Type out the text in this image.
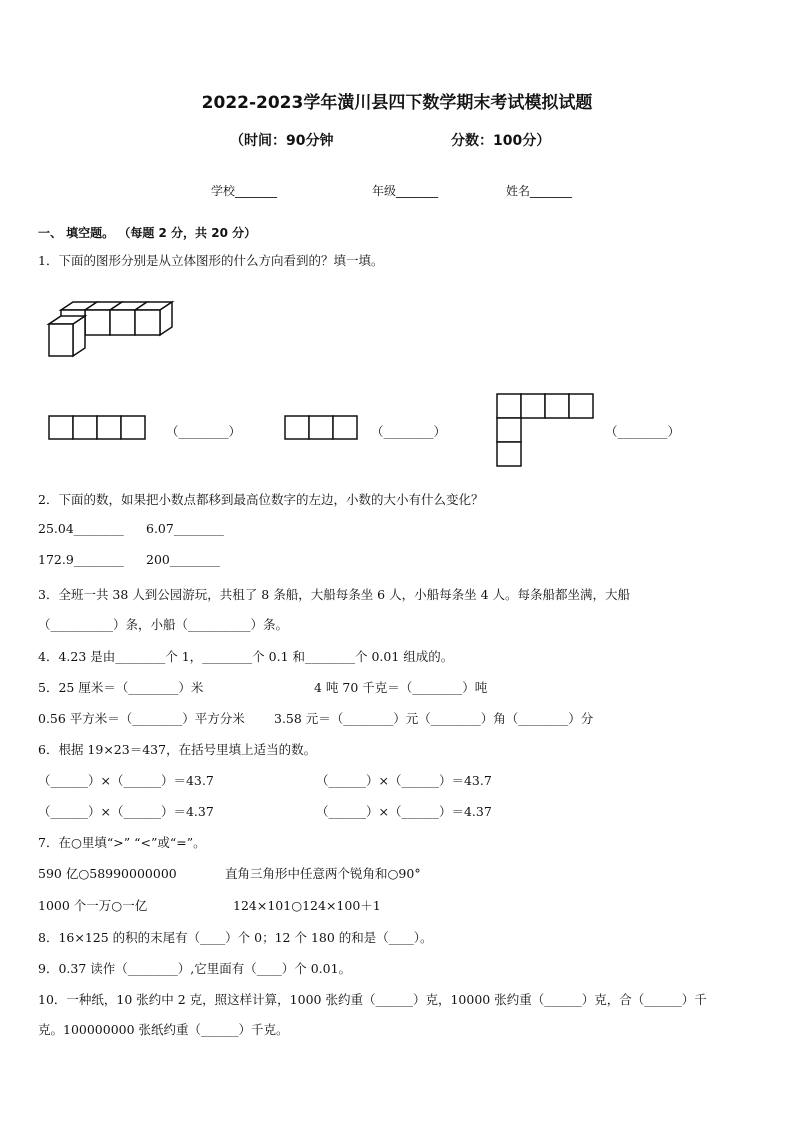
2022-2023学年潢川县四下数学期末考试模拟试题
（时间：90分钟	分数：100分）
学校_______	年级_______	姓名_______
一、 填空题。 （每题 2 分，共 20 分）
1．下面的图形分别是从立体图形的什么方向看到的？填一填。
（________）	（________）	（________）
2．下面的数，如果把小数点都移到最高位数字的左边，小数的大小有什么变化？
25.04________ 6.07________
172.9________ 200________
3．全班一共 38 人到公园游玩，共租了 8 条船，大船每条坐 6 人，小船每条坐 4 人。每条船都坐满，大船
（__________）条，小船（__________）条。
4．4.23 是由________个 1，________个 0.1 和________个 0.01 组成的。
5．25 厘米＝（________）米	4 吨 70 千克＝（________）吨
0.56 平方米＝（________）平方分米 3.58 元＝（________）元（________）角（________）分
6．根据 19×23＝437，在括号里填上适当的数。
（______）×（______）＝43.7	（______）×（______）＝43.7
（______）×（______）＝4.37	（______）×（______）＝4.37
7．在○里填“>” “<”或“=”。
590 亿○58990000000	直角三角形中任意两个锐角和○90°
1000 个一万○一亿	124×101○124×100＋1
8．16×125 的积的末尾有（____）个 0；12 个 180 的和是（____）。
9．0.37 读作（________）,它里面有（____）个 0.01。
10．一种纸，10 张约中 2 克，照这样计算，1000 张约重（______）克，10000 张约重（______）克，合（______）千
克。100000000 张纸约重（______）千克。
